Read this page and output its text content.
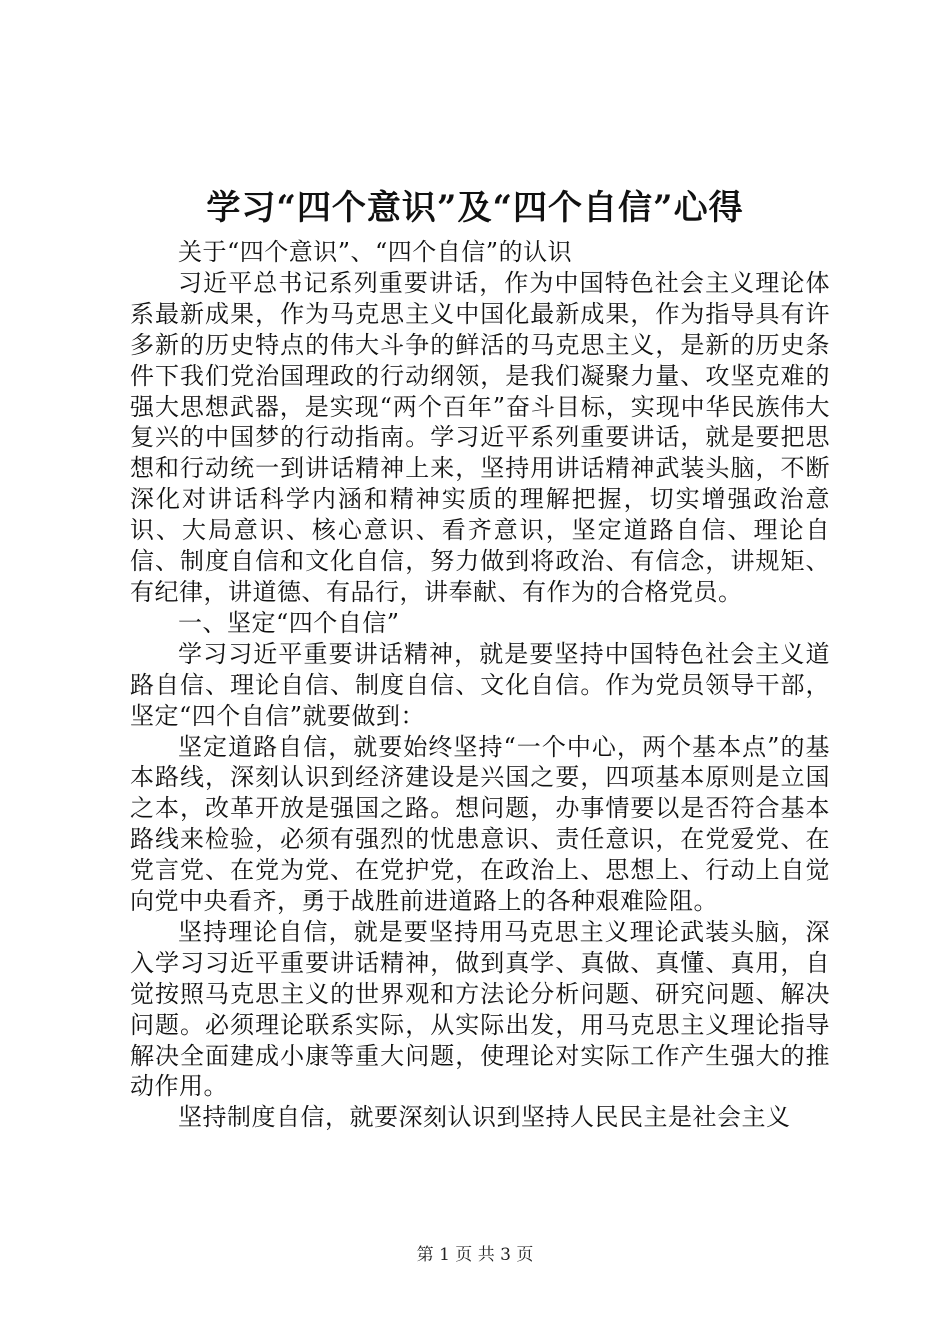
学习“四个意识”及“四个自信”心得

关于“四个意识”、“四个自信”的认识

习近平总书记系列重要讲话，作为中国特色社会主义理论体系最新成果，作为马克思主义中国化最新成果，作为指导具有许多新的历史特点的伟大斗争的鲜活的马克思主义，是新的历史条件下我们党治国理政的行动纲领，是我们凝聚力量、攻坚克难的强大思想武器，是实现“两个百年”奋斗目标，实现中华民族伟大复兴的中国梦的行动指南。学习近平系列重要讲话，就是要把思想和行动统一到讲话精神上来，坚持用讲话精神武装头脑，不断深化对讲话科学内涵和精神实质的理解把握，切实增强政治意识、大局意识、核心意识、看齐意识，坚定道路自信、理论自信、制度自信和文化自信，努力做到将政治、有信念，讲规矩、有纪律，讲道德、有品行，讲奉献、有作为的合格党员。

一、坚定“四个自信”

学习习近平重要讲话精神，就是要坚持中国特色社会主义道路自信、理论自信、制度自信、文化自信。作为党员领导干部，坚定“四个自信”就要做到：

坚定道路自信，就要始终坚持“一个中心，两个基本点”的基本路线，深刻认识到经济建设是兴国之要，四项基本原则是立国之本，改革开放是强国之路。想问题，办事情要以是否符合基本路线来检验，必须有强烈的忧患意识、责任意识，在党爱党、在党言党、在党为党、在党护党，在政治上、思想上、行动上自觉向党中央看齐，勇于战胜前进道路上的各种艰难险阻。

坚持理论自信，就是要坚持用马克思主义理论武装头脑，深入学习习近平重要讲话精神，做到真学、真做、真懂、真用，自觉按照马克思主义的世界观和方法论分析问题、研究问题、解决问题。必须理论联系实际，从实际出发，用马克思主义理论指导解决全面建成小康等重大问题，使理论对实际工作产生强大的推动作用。

坚持制度自信，就要深刻认识到坚持人民民主是社会主义

第 1 页 共 3 页
